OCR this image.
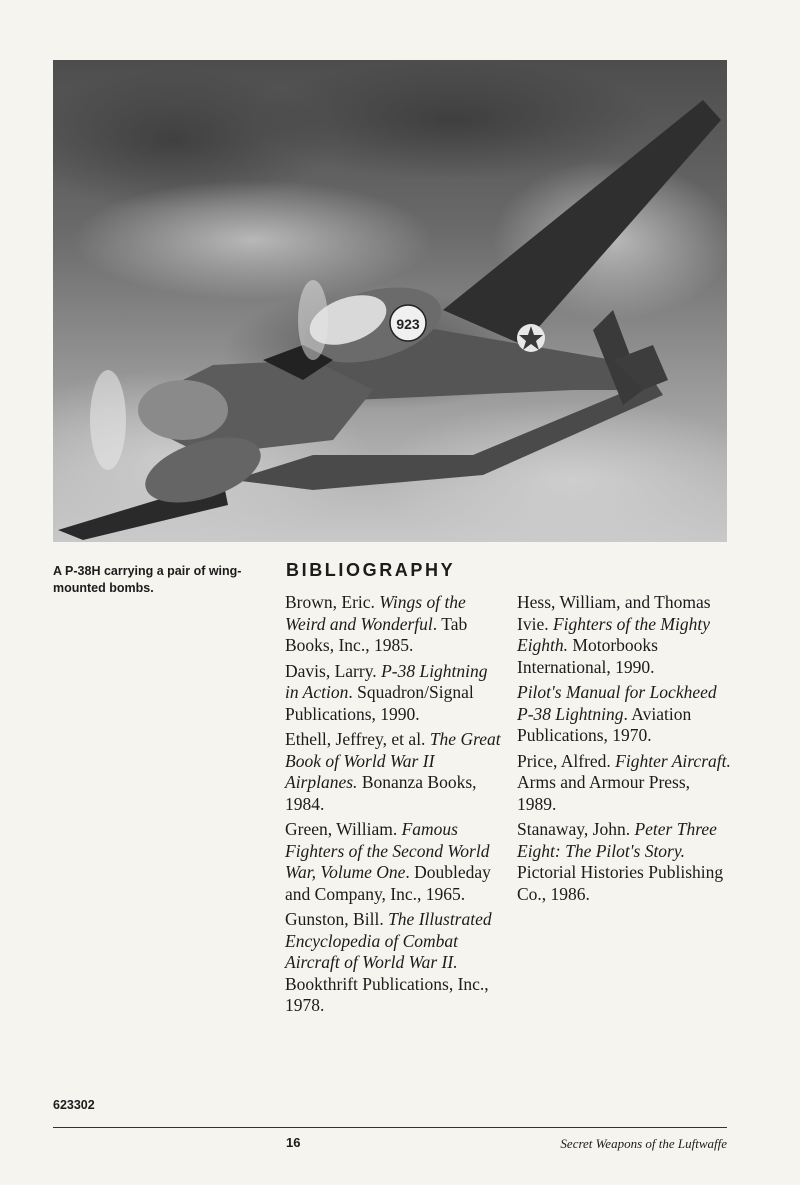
923
A P-38H carrying a pair of wing-mounted bombs.
BIBLIOGRAPHY

Brown, Eric. Wings of the Weird and Wonderful. Tab Books, Inc., 1985.

Davis, Larry. P-38 Lightning in Action. Squadron/Signal Publications, 1990.

Ethell, Jeffrey, et al. The Great Book of World War II Airplanes. Bonanza Books, 1984.

Green, William. Famous Fighters of the Second World War, Volume One. Doubleday and Company, Inc., 1965.

Gunston, Bill. The Illustrated Encyclopedia of Combat Aircraft of World War II. Bookthrift Publications, Inc., 1978.

Hess, William, and Thomas Ivie. Fighters of the Mighty Eighth. Motorbooks International, 1990.

Pilot's Manual for Lockheed P-38 Lightning. Aviation Publications, 1970.

Price, Alfred. Fighter Aircraft. Arms and Armour Press, 1989.

Stanaway, John. Peter Three Eight: The Pilot's Story. Pictorial Histories Publishing Co., 1986.

623302
16	Secret Weapons of the Luftwaffe
